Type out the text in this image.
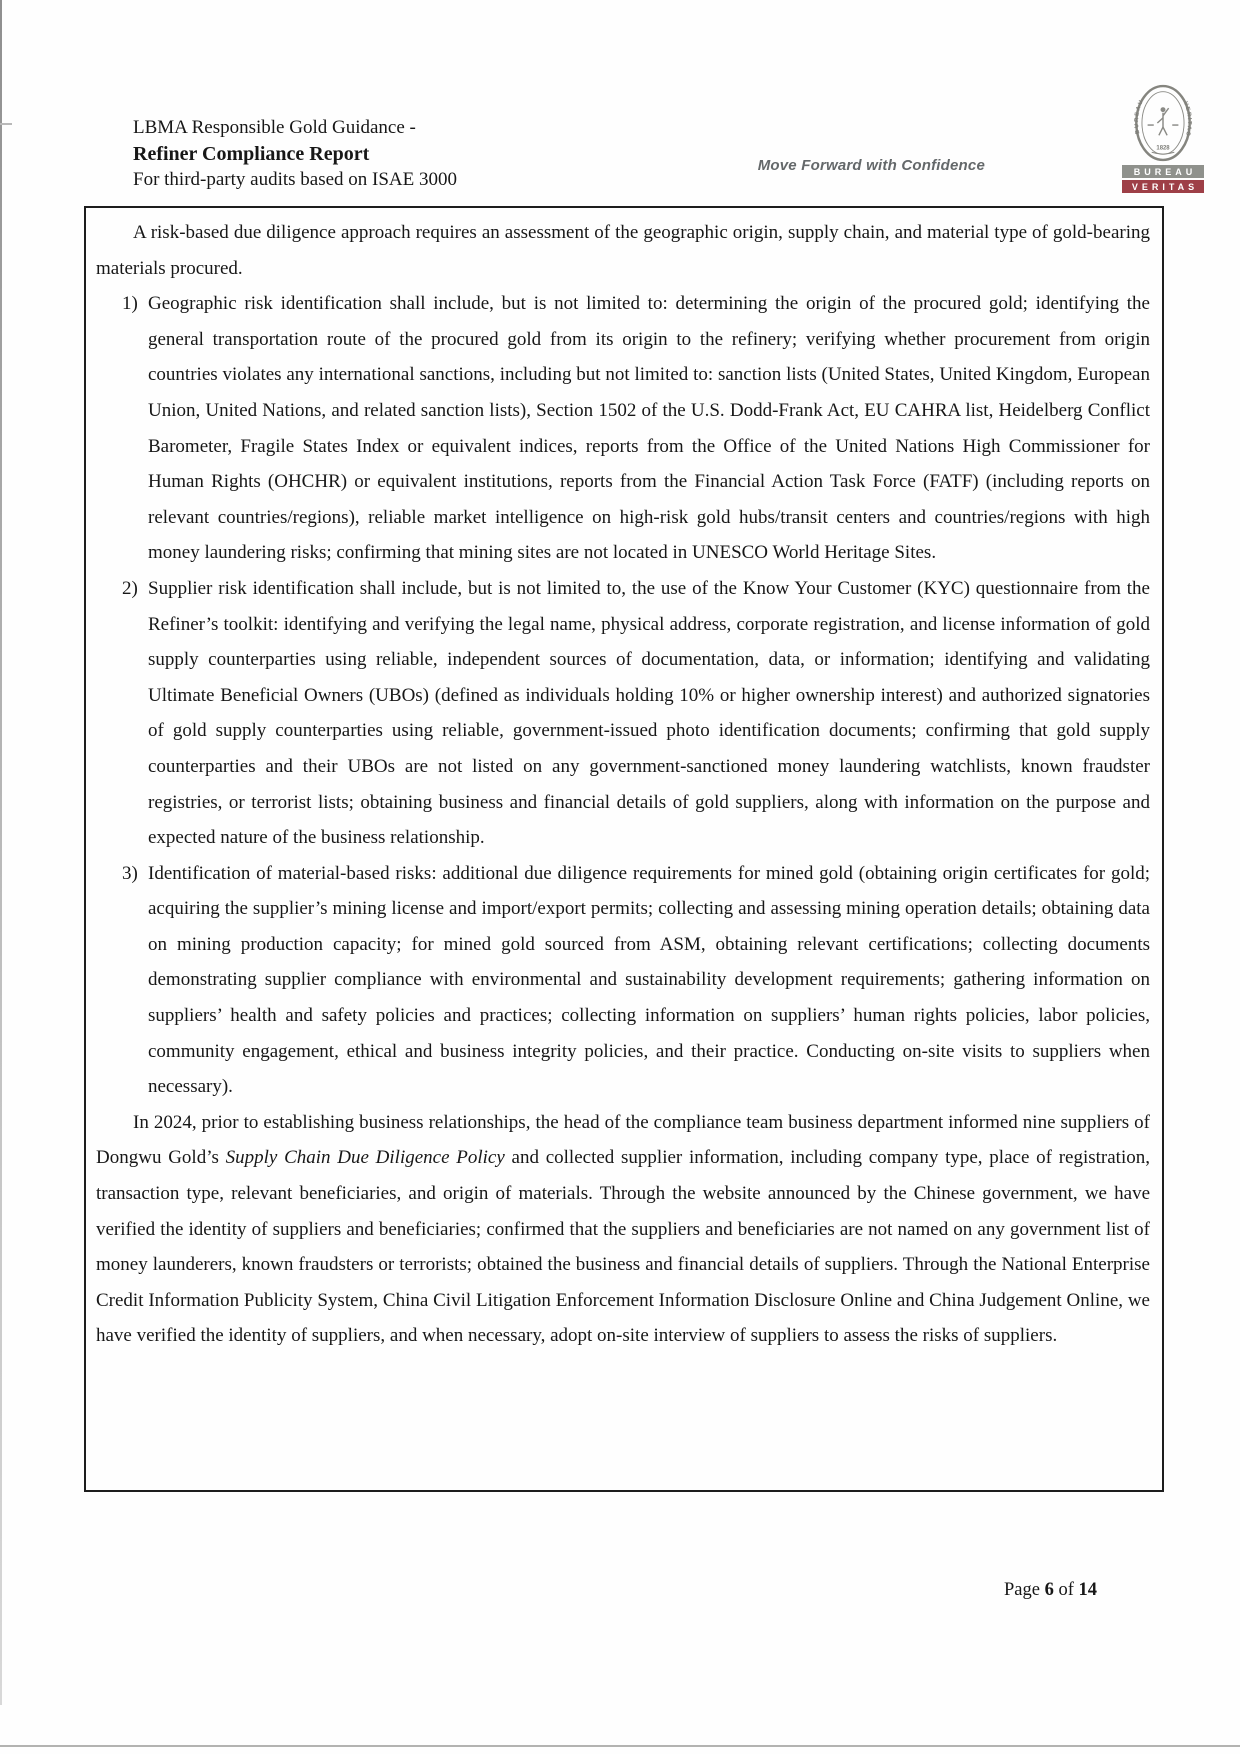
LBMA Responsible Gold Guidance -
Refiner Compliance Report
For third-party audits based on ISAE 3000
Move Forward with Confidence
BUREAU	VERITAS
1828
BUREAU
VERITAS

A risk-based due diligence approach requires an assessment of the geographic origin, supply chain, and material type of gold-bearing materials procured.

1) Geographic risk identification shall include, but is not limited to: determining the origin of the procured gold; identifying the general transportation route of the procured gold from its origin to the refinery; verifying whether procurement from origin countries violates any international sanctions, including but not limited to: sanction lists (United States, United Kingdom, European Union, United Nations, and related sanction lists), Section 1502 of the U.S. Dodd-Frank Act, EU CAHRA list, Heidelberg Conflict Barometer, Fragile States Index or equivalent indices, reports from the Office of the United Nations High Commissioner for Human Rights (OHCHR) or equivalent institutions, reports from the Financial Action Task Force (FATF) (including reports on relevant countries/regions), reliable market intelligence on high-risk gold hubs/transit centers and countries/regions with high money laundering risks; confirming that mining sites are not located in UNESCO World Heritage Sites.
2) Supplier risk identification shall include, but is not limited to, the use of the Know Your Customer (KYC) questionnaire from the Refiner’s toolkit: identifying and verifying the legal name, physical address, corporate registration, and license information of gold supply counterparties using reliable, independent sources of documentation, data, or information; identifying and validating Ultimate Beneficial Owners (UBOs) (defined as individuals holding 10% or higher ownership interest) and authorized signatories of gold supply counterparties using reliable, government-issued photo identification documents; confirming that gold supply counterparties and their UBOs are not listed on any government-sanctioned money laundering watchlists, known fraudster registries, or terrorist lists; obtaining business and financial details of gold suppliers, along with information on the purpose and expected nature of the business relationship.
3) Identification of material-based risks: additional due diligence requirements for mined gold (obtaining origin certificates for gold; acquiring the supplier’s mining license and import/export permits; collecting and assessing mining operation details; obtaining data on mining production capacity; for mined gold sourced from ASM, obtaining relevant certifications; collecting documents demonstrating supplier compliance with environmental and sustainability development requirements; gathering information on suppliers’ health and safety policies and practices; collecting information on suppliers’ human rights policies, labor policies, community engagement, ethical and business integrity policies, and their practice. Conducting on-site visits to suppliers when necessary).

In 2024, prior to establishing business relationships, the head of the compliance team business department informed nine suppliers of Dongwu Gold’s Supply Chain Due Diligence Policy and collected supplier information, including company type, place of registration, transaction type, relevant beneficiaries, and origin of materials. Through the website announced by the Chinese government, we have verified the identity of suppliers and beneficiaries; confirmed that the suppliers and beneficiaries are not named on any government list of money launderers, known fraudsters or terrorists; obtained the business and financial details of suppliers. Through the National Enterprise Credit Information Publicity System, China Civil Litigation Enforcement Information Disclosure Online and China Judgement Online, we have verified the identity of suppliers, and when necessary, adopt on-site interview of suppliers to assess the risks of suppliers.

Page 6 of 14
